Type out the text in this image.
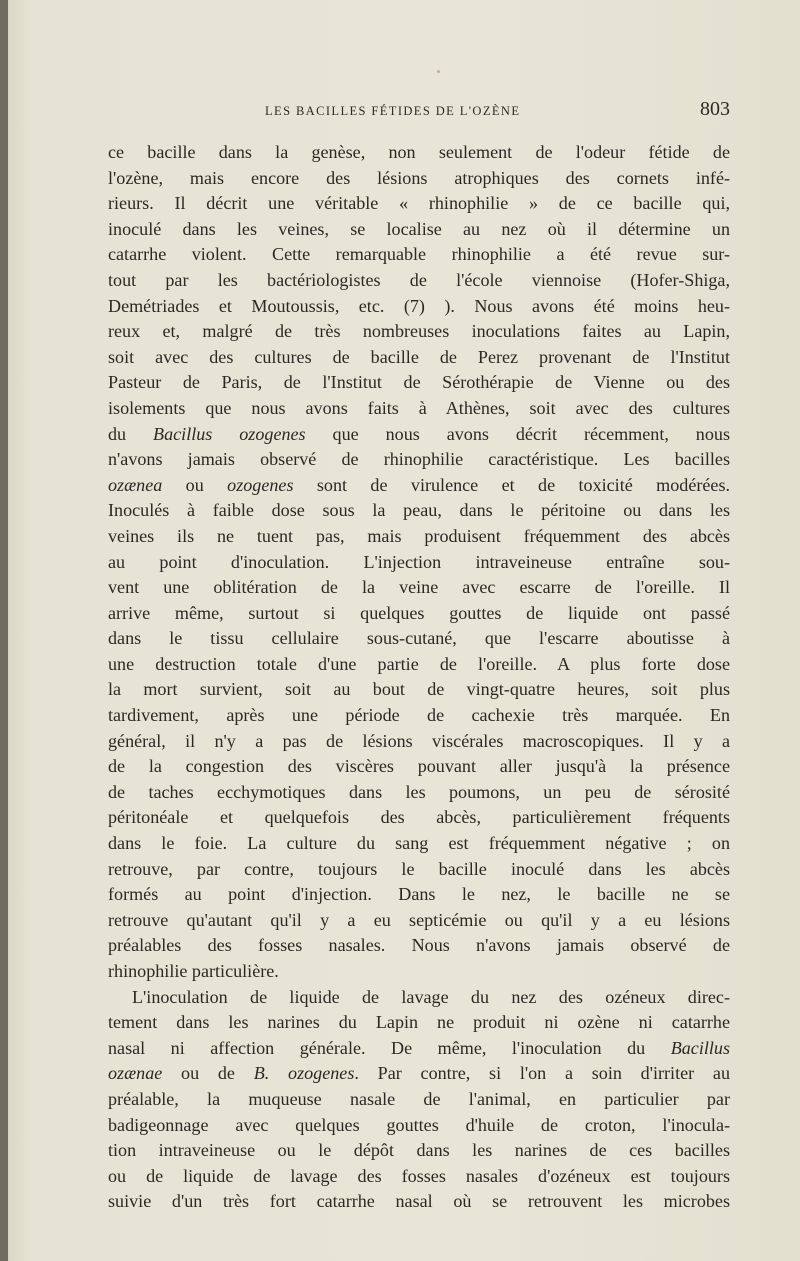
LES BACILLES FÉTIDES DE L'OZÈNE	803
ce bacille dans la genèse, non seulement de l'odeur fétide de
l'ozène, mais encore des lésions atrophiques des cornets infé-
rieurs. Il décrit une véritable « rhinophilie » de ce bacille qui,
inoculé dans les veines, se localise au nez où il détermine un
catarrhe violent. Cette remarquable rhinophilie a été revue sur-
tout par les bactériologistes de l'école viennoise (Hofer-Shiga,
Demétriades et Moutoussis, etc. (7) ). Nous avons été moins heu-
reux et, malgré de très nombreuses inoculations faites au Lapin,
soit avec des cultures de bacille de Perez provenant de l'Institut
Pasteur de Paris, de l'Institut de Sérothérapie de Vienne ou des
isolements que nous avons faits à Athènes, soit avec des cultures
du Bacillus ozogenes que nous avons décrit récemment, nous
n'avons jamais observé de rhinophilie caractéristique. Les bacilles
ozænea ou ozogenes sont de virulence et de toxicité modérées.
Inoculés à faible dose sous la peau, dans le péritoine ou dans les
veines ils ne tuent pas, mais produisent fréquemment des abcès
au point d'inoculation. L'injection intraveineuse entraîne sou-
vent une oblitération de la veine avec escarre de l'oreille. Il
arrive même, surtout si quelques gouttes de liquide ont passé
dans le tissu cellulaire sous-cutané, que l'escarre aboutisse à
une destruction totale d'une partie de l'oreille. A plus forte dose
la mort survient, soit au bout de vingt-quatre heures, soit plus
tardivement, après une période de cachexie très marquée. En
général, il n'y a pas de lésions viscérales macroscopiques. Il y a
de la congestion des viscères pouvant aller jusqu'à la présence
de taches ecchymotiques dans les poumons, un peu de sérosité
péritonéale et quelquefois des abcès, particulièrement fréquents
dans le foie. La culture du sang est fréquemment négative ; on
retrouve, par contre, toujours le bacille inoculé dans les abcès
formés au point d'injection. Dans le nez, le bacille ne se
retrouve qu'autant qu'il y a eu septicémie ou qu'il y a eu lésions
préalables des fosses nasales. Nous n'avons jamais observé de
rhinophilie particulière.
L'inoculation de liquide de lavage du nez des ozéneux direc-
tement dans les narines du Lapin ne produit ni ozène ni catarrhe
nasal ni affection générale. De même, l'inoculation du Bacillus
ozænae ou de B. ozogenes. Par contre, si l'on a soin d'irriter au
préalable, la muqueuse nasale de l'animal, en particulier par
badigeonnage avec quelques gouttes d'huile de croton, l'inocula-
tion intraveineuse ou le dépôt dans les narines de ces bacilles
ou de liquide de lavage des fosses nasales d'ozéneux est toujours
suivie d'un très fort catarrhe nasal où se retrouvent les microbes
